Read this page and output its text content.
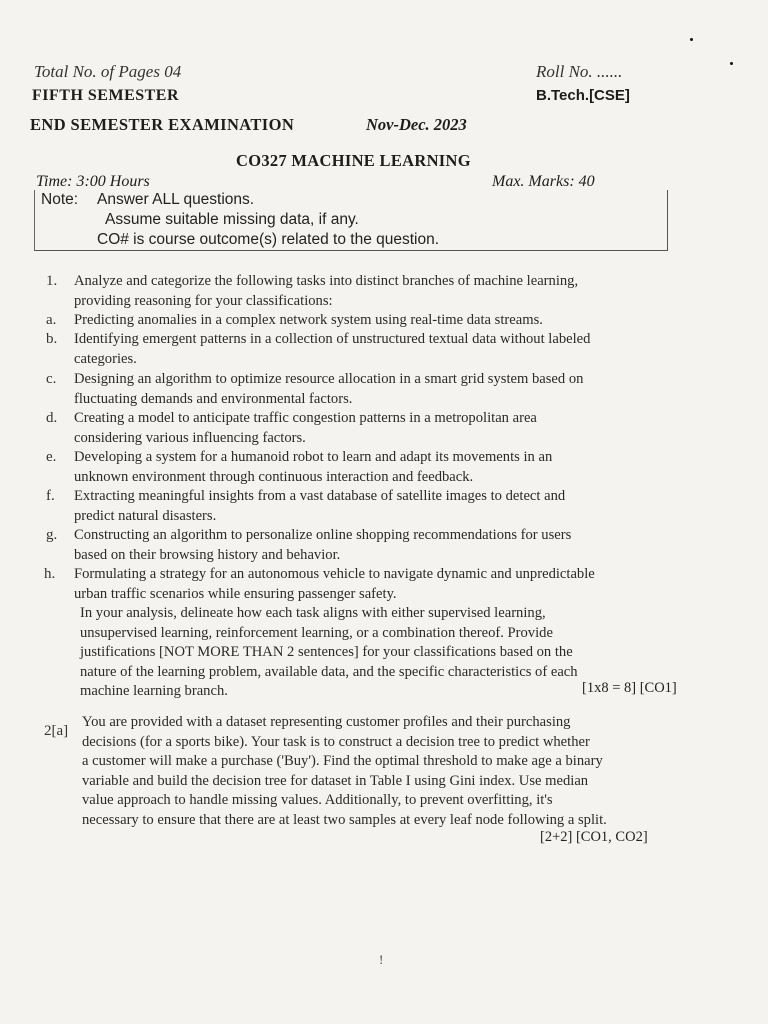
Total No. of Pages 04	Roll No. ......
FIFTH SEMESTER	B.Tech.[CSE]
END SEMESTER EXAMINATION	Nov-Dec. 2023
CO327 MACHINE LEARNING
Time: 3:00 Hours	Max. Marks: 40
Note: Answer ALL questions.
Assume suitable missing data, if any.
CO# is course outcome(s) related to the question.
1. Analyze and categorize the following tasks into distinct branches of machine learning,
providing reasoning for your classifications:
a. Predicting anomalies in a complex network system using real-time data streams.
b. Identifying emergent patterns in a collection of unstructured textual data without labeled
categories.
c. Designing an algorithm to optimize resource allocation in a smart grid system based on
fluctuating demands and environmental factors.
d. Creating a model to anticipate traffic congestion patterns in a metropolitan area
considering various influencing factors.
e. Developing a system for a humanoid robot to learn and adapt its movements in an
unknown environment through continuous interaction and feedback.
f. Extracting meaningful insights from a vast database of satellite images to detect and
predict natural disasters.
g. Constructing an algorithm to personalize online shopping recommendations for users
based on their browsing history and behavior.
h. Formulating a strategy for an autonomous vehicle to navigate dynamic and unpredictable
urban traffic scenarios while ensuring passenger safety.
In your analysis, delineate how each task aligns with either supervised learning,
unsupervised learning, reinforcement learning, or a combination thereof. Provide
justifications [NOT MORE THAN 2 sentences] for your classifications based on the
nature of the learning problem, available data, and the specific characteristics of each
machine learning branch.	[1x8 = 8] [CO1]
2[a]
You are provided with a dataset representing customer profiles and their purchasing
decisions (for a sports bike). Your task is to construct a decision tree to predict whether
a customer will make a purchase ('Buy'). Find the optimal threshold to make age a binary
variable and build the decision tree for dataset in Table I using Gini index. Use median
value approach to handle missing values. Additionally, to prevent overfitting, it's
necessary to ensure that there are at least two samples at every leaf node following a split.
[2+2] [CO1, CO2]
!
